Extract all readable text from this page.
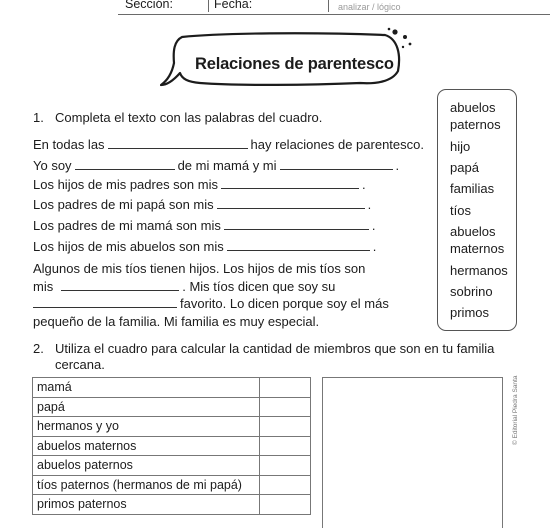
Sección:	Fecha:	analizar / lógico
Relaciones de parentesco
1. Completa el texto con las palabras del cuadro.
En todas las	hay relaciones de parentesco.
Yo soy	de mi mamá y mi	.
Los hijos de mis padres son mis	.
Los padres de mi papá son mis	.
Los padres de mi mamá son mis	.
Los hijos de mis abuelos son mis	.
Algunos de mis tíos tienen hijos. Los hijos de mis tíos son
mis	. Mis tíos dicen que soy su
favorito. Lo dicen porque soy el más
pequeño de la familia. Mi familia es muy especial.
abuelos
paternos
hijo
papá
familias
tíos
abuelos
maternos
hermanos
sobrino
primos
2. Utiliza el cuadro para calcular la cantidad de miembros que son en tu familia
cercana.
mamá	
papá	
hermanos y yo	
abuelos maternos	
abuelos paternos	
tíos paternos (hermanos de mi papá)	
primos paternos	
© Editorial Piedra Santa
